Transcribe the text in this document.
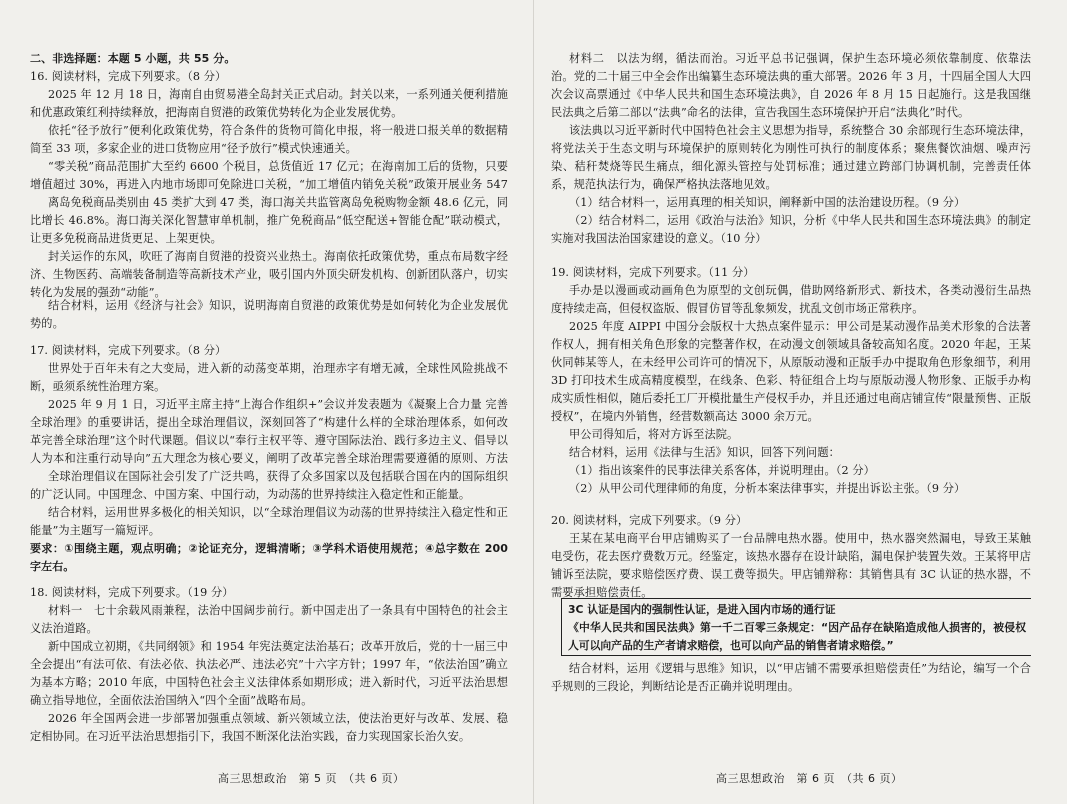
二、非选择题：本题 5 小题，共 55 分。
16. 阅读材料，完成下列要求。（8 分）
2025 年 12 月 18 日，海南自由贸易港全岛封关正式启动。封关以来，一系列通关便利措施和优惠政策红利持续释放，把海南自贸港的政策优势转化为企业发展优势。
依托“径予放行”便利化政策优势，符合条件的货物可简化申报，将一般进口报关单的数据精简至 33 项，多家企业的进口货物应用“径予放行”模式快速通关。
“零关税”商品范围扩大至约 6600 个税目，总货值近 17 亿元；在海南加工后的货物，只要增值超过 30%，再进入内地市场即可免除进口关税，“加工增值内销免关税”政策开展业务 547
离岛免税商品类别由 45 类扩大到 47 类，海口海关共监管离岛免税购物金额 48.6 亿元，同比增长 46.8%。海口海关深化智慧审单机制，推广免税商品“低空配送+智能仓配”联动模式，让更多免税商品进货更足、上架更快。
封关运作的东风，吹旺了海南自贸港的投资兴业热土。海南依托政策优势，重点布局数字经济、生物医药、高端装备制造等高新技术产业，吸引国内外顶尖研发机构、创新团队落户，切实转化为发展的强劲“动能”。
结合材料，运用《经济与社会》知识，说明海南自贸港的政策优势是如何转化为企业发展优势的。
17. 阅读材料，完成下列要求。（8 分）
世界处于百年未有之大变局，进入新的动荡变革期，治理赤字有增无减，全球性风险挑战不断，亟须系统性治理方案。
2025 年 9 月 1 日，习近平主席主持“上海合作组织+”会议并发表题为《凝聚上合力量 完善全球治理》的重要讲话，提出全球治理倡议，深刻回答了“构建什么样的全球治理体系，如何改革完善全球治理”这个时代课题。倡议以“奉行主权平等、遵守国际法治、践行多边主义、倡导以人为本和注重行动导向”五大理念为核心要义，阐明了改革完善全球治理需要遵循的原则、方法
全球治理倡议在国际社会引发了广泛共鸣，获得了众多国家以及包括联合国在内的国际组织的广泛认同。中国理念、中国方案、中国行动，为动荡的世界持续注入稳定性和正能量。
结合材料，运用世界多极化的相关知识，以“全球治理倡议为动荡的世界持续注入稳定性和正能量”为主题写一篇短评。
要求：①围绕主题，观点明确；②论证充分，逻辑清晰；③学科术语使用规范；④总字数在 200 字左右。
18. 阅读材料，完成下列要求。（19 分）
材料一　七十余载风雨兼程，法治中国阔步前行。新中国走出了一条具有中国特色的社会主义法治道路。
新中国成立初期，《共同纲领》和 1954 年宪法奠定法治基石；改革开放后，党的十一届三中全会提出“有法可依、有法必依、执法必严、违法必究”十六字方针；1997 年，“依法治国”确立为基本方略；2010 年底，中国特色社会主义法律体系如期形成；进入新时代，习近平法治思想确立指导地位，全面依法治国纳入“四个全面”战略布局。
2026 年全国两会进一步部署加强重点领域、新兴领域立法，使法治更好与改革、发展、稳定相协同。在习近平法治思想指引下，我国不断深化法治实践，奋力实现国家长治久安。
高三思想政治　第 5 页　（共 6 页）
材料二　以法为纲，循法而治。习近平总书记强调，保护生态环境必须依靠制度、依靠法治。党的二十届三中全会作出编纂生态环境法典的重大部署。2026 年 3 月，十四届全国人大四次会议高票通过《中华人民共和国生态环境法典》，自 2026 年 8 月 15 日起施行。这是我国继民法典之后第二部以“法典”命名的法律，宣告我国生态环境保护开启“法典化”时代。
该法典以习近平新时代中国特色社会主义思想为指导，系统整合 30 余部现行生态环境法律，将党法关于生态文明与环境保护的原则转化为刚性可执行的制度体系；聚焦餐饮油烟、噪声污染、秸秆焚烧等民生痛点，细化源头管控与处罚标准；通过建立跨部门协调机制，完善责任体系，规范执法行为，确保严格执法落地见效。
（1）结合材料一，运用真理的相关知识，阐释新中国的法治建设历程。（9 分）
（2）结合材料二，运用《政治与法治》知识，分析《中华人民共和国生态环境法典》的制定实施对我国法治国家建设的意义。（10 分）
19. 阅读材料，完成下列要求。（11 分）
手办是以漫画或动画角色为原型的文创玩偶，借助网络新形式、新技术，各类动漫衍生品热度持续走高，但侵权盗版、假冒仿冒等乱象频发，扰乱文创市场正常秩序。
2025 年度 AIPPI 中国分会版权十大热点案件显示：甲公司是某动漫作品美术形象的合法著作权人，拥有相关角色形象的完整著作权，在动漫文创领域具备较高知名度。2020 年起，王某伙同韩某等人，在未经甲公司许可的情况下，从原版动漫和正版手办中提取角色形象细节，利用 3D 打印技术生成高精度模型，在线条、色彩、特征组合上均与原版动漫人物形象、正版手办构成实质性相似，随后委托工厂开模批量生产侵权手办，并且还通过电商店铺宣传“限量预售、正版授权”，在境内外销售，经营数额高达 3000 余万元。
甲公司得知后，将对方诉至法院。
结合材料，运用《法律与生活》知识，回答下列问题：
（1）指出该案件的民事法律关系客体，并说明理由。（2 分）
（2）从甲公司代理律师的角度，分析本案法律事实，并提出诉讼主张。（9 分）
20. 阅读材料，完成下列要求。（9 分）
王某在某电商平台甲店铺购买了一台品牌电热水器。使用中，热水器突然漏电，导致王某触电受伤，花去医疗费数万元。经鉴定，该热水器存在设计缺陷，漏电保护装置失效。王某将甲店铺诉至法院，要求赔偿医疗费、误工费等损失。甲店铺辩称：其销售具有 3C 认证的热水器，不需要承担赔偿责任。
3C 认证是国内的强制性认证，是进入国内市场的通行证
《中华人民共和国民法典》第一千二百零三条规定：“因产品存在缺陷造成他人损害的，被侵权人可以向产品的生产者请求赔偿，也可以向产品的销售者请求赔偿。”
结合材料，运用《逻辑与思维》知识，以“甲店铺不需要承担赔偿责任”为结论，编写一个合乎规则的三段论，判断结论是否正确并说明理由。
高三思想政治　第 6 页　（共 6 页）
